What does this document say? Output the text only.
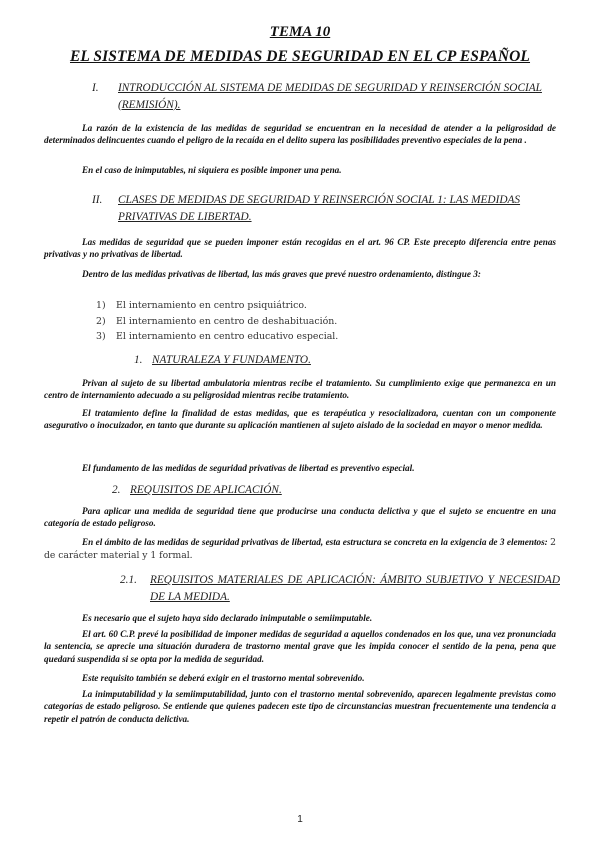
TEMA 10
EL SISTEMA DE MEDIDAS DE SEGURIDAD EN EL CP ESPAÑOL
I. INTRODUCCIÓN AL SISTEMA DE MEDIDAS DE SEGURIDAD Y REINSERCIÓN SOCIAL (REMISIÓN).
La razón de la existencia de las medidas de seguridad se encuentran en la necesidad de atender a la peligrosidad de determinados delincuentes cuando el peligro de la recaída en el delito supera las posibilidades preventivo especiales de la pena .
En el caso de inimputables, ni siquiera es posible imponer una pena.
II. CLASES DE MEDIDAS DE SEGURIDAD Y REINSERCIÓN SOCIAL 1: LAS MEDIDAS PRIVATIVAS DE LIBERTAD.
Las medidas de seguridad que se pueden imponer están recogidas en el art. 96 CP. Este precepto diferencia entre penas privativas y no privativas de libertad.
Dentro de las medidas privativas de libertad, las más graves que prevé nuestro ordenamiento, distingue 3:
1) El internamiento en centro psiquiátrico.
2) El internamiento en centro de deshabituación.
3) El internamiento en centro educativo especial.
1. NATURALEZA Y FUNDAMENTO.
Privan al sujeto de su libertad ambulatoria mientras recibe el tratamiento. Su cumplimiento exige que permanezca en un centro de internamiento adecuado a su peligrosidad mientras recibe tratamiento.
El tratamiento define la finalidad de estas medidas, que es terapéutica y resocializadora, cuentan con un componente asegurativo o inocuizador, en tanto que durante su aplicación mantienen al sujeto aislado de la sociedad en mayor o menor medida.
El fundamento de las medidas de seguridad privativas de libertad es preventivo especial.
2. REQUISITOS DE APLICACIÓN.
Para aplicar una medida de seguridad tiene que producirse una conducta delictiva y que el sujeto se encuentre en una categoría de estado peligroso.
En el ámbito de las medidas de seguridad privativas de libertad, esta estructura se concreta en la exigencia de 3 elementos: 2 de carácter material y 1 formal.
2.1. REQUISITOS MATERIALES DE APLICACIÓN: ÁMBITO SUBJETIVO Y NECESIDAD DE LA MEDIDA.
Es necesario que el sujeto haya sido declarado inimputable o semiimputable.
El art. 60 C.P. prevé la posibilidad de imponer medidas de seguridad a aquellos condenados en los que, una vez pronunciada la sentencia, se aprecie una situación duradera de trastorno mental grave que les impida conocer el sentido de la pena, pena que quedará suspendida si se opta por la medida de seguridad.
Este requisito también se deberá exigir en el trastorno mental sobrevenido.
La inimputabilidad y la semiimputabilidad, junto con el trastorno mental sobrevenido, aparecen legalmente previstas como categorías de estado peligroso. Se entiende que quienes padecen este tipo de circunstancias muestran frecuentemente una tendencia a repetir el patrón de conducta delictiva.
1
